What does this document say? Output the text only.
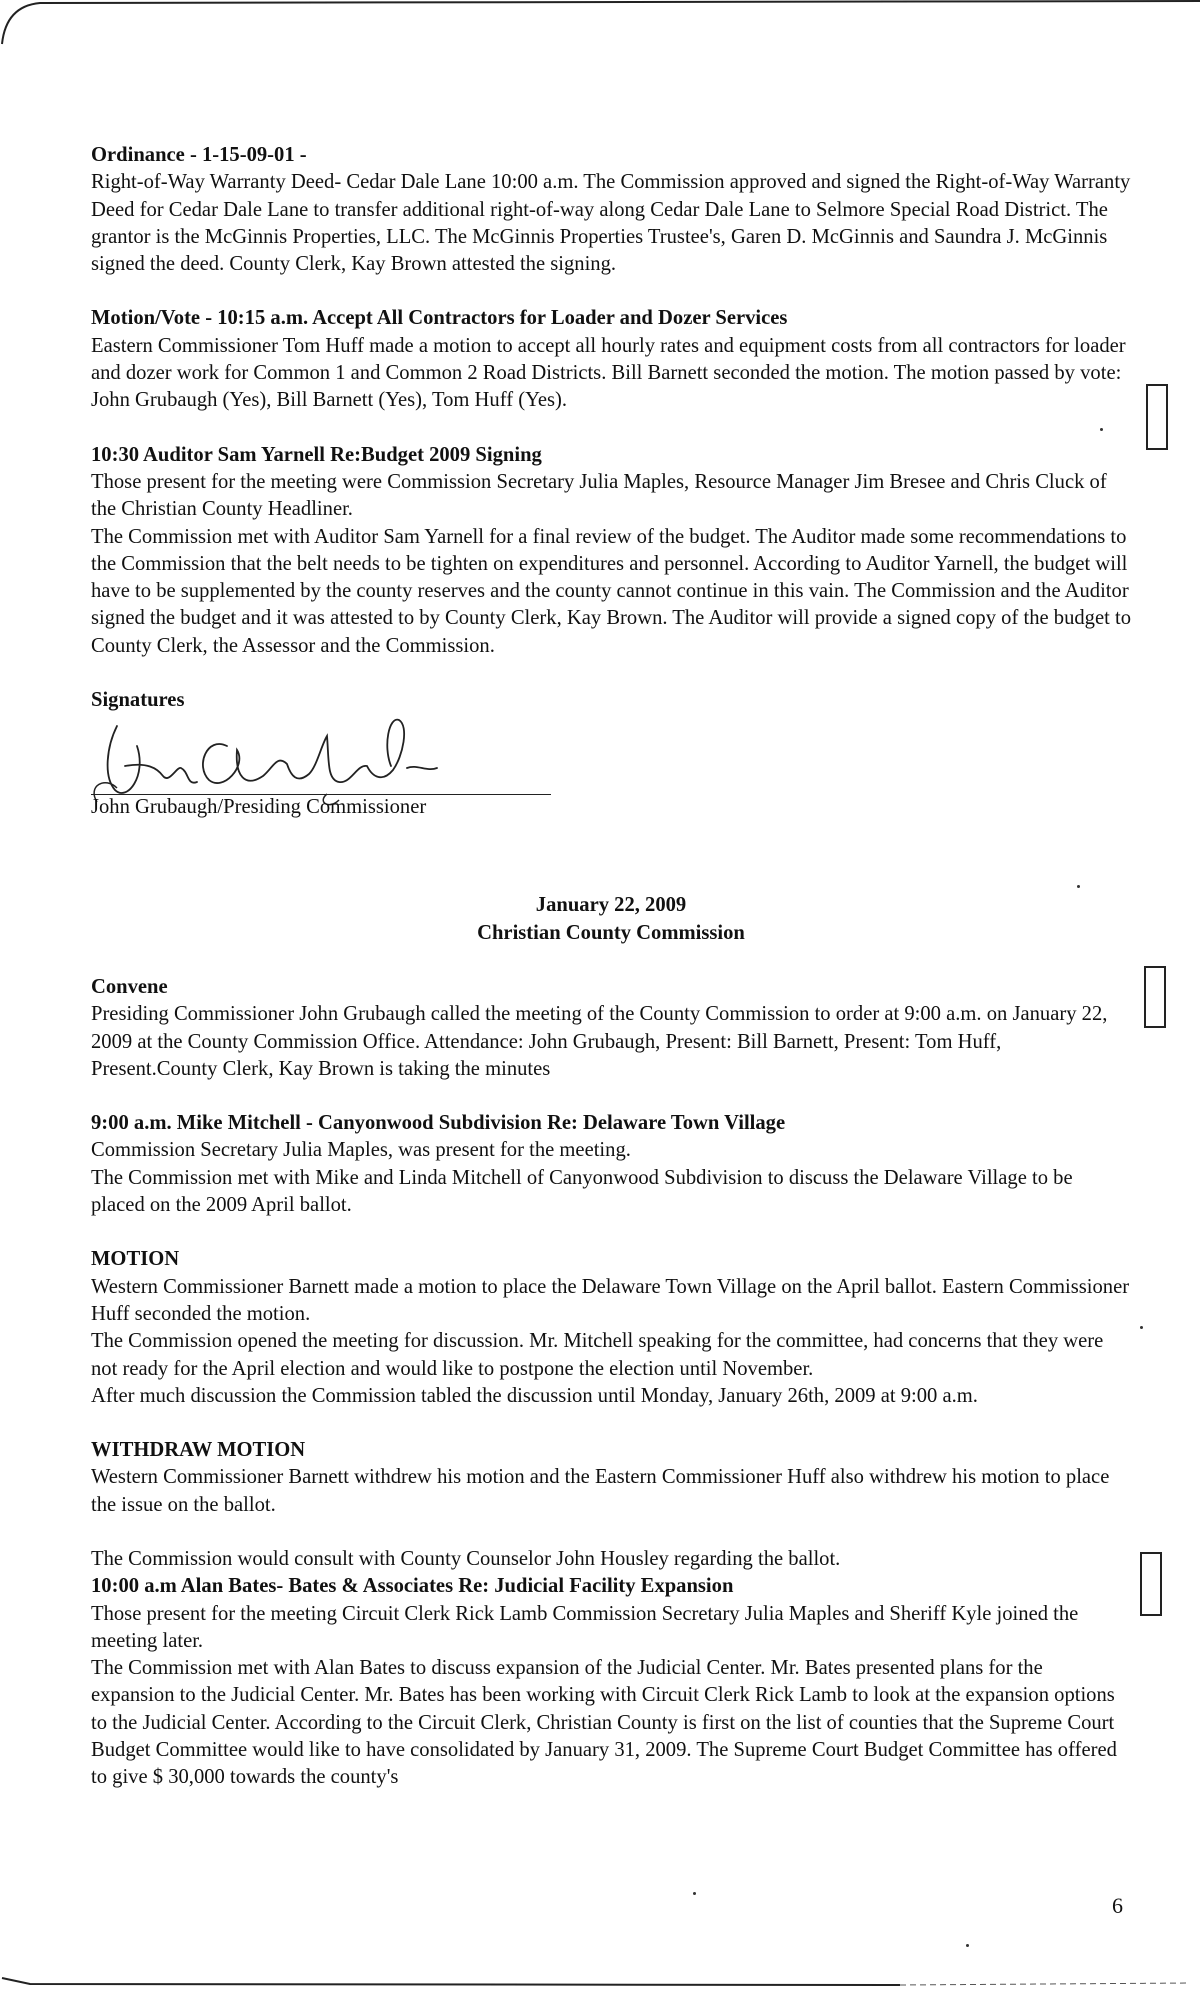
Ordinance - 1-15-09-01 -

Right-of-Way Warranty Deed- Cedar Dale Lane 10:00 a.m. The Commission approved and signed the Right-of-Way Warranty Deed for Cedar Dale Lane to transfer additional right-of-way along Cedar Dale Lane to Selmore Special Road District. The grantor is the McGinnis Properties, LLC. The McGinnis Properties Trustee's, Garen D. McGinnis and Saundra J. McGinnis signed the deed. County Clerk, Kay Brown attested the signing.

Motion/Vote - 10:15 a.m. Accept All Contractors for Loader and Dozer Services

Eastern Commissioner Tom Huff made a motion to accept all hourly rates and equipment costs from all contractors for loader and dozer work for Common 1 and Common 2 Road Districts. Bill Barnett seconded the motion. The motion passed by vote: John Grubaugh (Yes), Bill Barnett (Yes), Tom Huff (Yes).

10:30 Auditor Sam Yarnell Re:Budget 2009 Signing

Those present for the meeting were Commission Secretary Julia Maples, Resource Manager Jim Bresee and Chris Cluck of the Christian County Headliner.

The Commission met with Auditor Sam Yarnell for a final review of the budget. The Auditor made some recommendations to the Commission that the belt needs to be tighten on expenditures and personnel. According to Auditor Yarnell, the budget will have to be supplemented by the county reserves and the county cannot continue in this vain. The Commission and the Auditor signed the budget and it was attested to by County Clerk, Kay Brown. The Auditor will provide a signed copy of the budget to County Clerk, the Assessor and the Commission.

Signatures
John Grubaugh/Presiding Commissioner
January 22, 2009
Christian County Commission
Convene

Presiding Commissioner John Grubaugh called the meeting of the County Commission to order at 9:00 a.m. on January 22, 2009 at the County Commission Office. Attendance: John Grubaugh, Present: Bill Barnett, Present: Tom Huff, Present.County Clerk, Kay Brown is taking the minutes

9:00 a.m. Mike Mitchell - Canyonwood Subdivision Re: Delaware Town Village

Commission Secretary Julia Maples, was present for the meeting.

The Commission met with Mike and Linda Mitchell of Canyonwood Subdivision to discuss the Delaware Village to be placed on the 2009 April ballot.

MOTION

Western Commissioner Barnett made a motion to place the Delaware Town Village on the April ballot. Eastern Commissioner Huff seconded the motion.

The Commission opened the meeting for discussion. Mr. Mitchell speaking for the committee, had concerns that they were not ready for the April election and would like to postpone the election until November.

After much discussion the Commission tabled the discussion until Monday, January 26th, 2009 at 9:00 a.m.

WITHDRAW MOTION

Western Commissioner Barnett withdrew his motion and the Eastern Commissioner Huff also withdrew his motion to place the issue on the ballot.

The Commission would consult with County Counselor John Housley regarding the ballot.

10:00 a.m Alan Bates- Bates & Associates Re: Judicial Facility Expansion

Those present for the meeting Circuit Clerk Rick Lamb Commission Secretary Julia Maples and Sheriff Kyle joined the meeting later.

The Commission met with Alan Bates to discuss expansion of the Judicial Center. Mr. Bates presented plans for the expansion to the Judicial Center. Mr. Bates has been working with Circuit Clerk Rick Lamb to look at the expansion options to the Judicial Center. According to the Circuit Clerk, Christian County is first on the list of counties that the Supreme Court Budget Committee would like to have consolidated by January 31, 2009. The Supreme Court Budget Committee has offered to give $ 30,000 towards the county's

6
